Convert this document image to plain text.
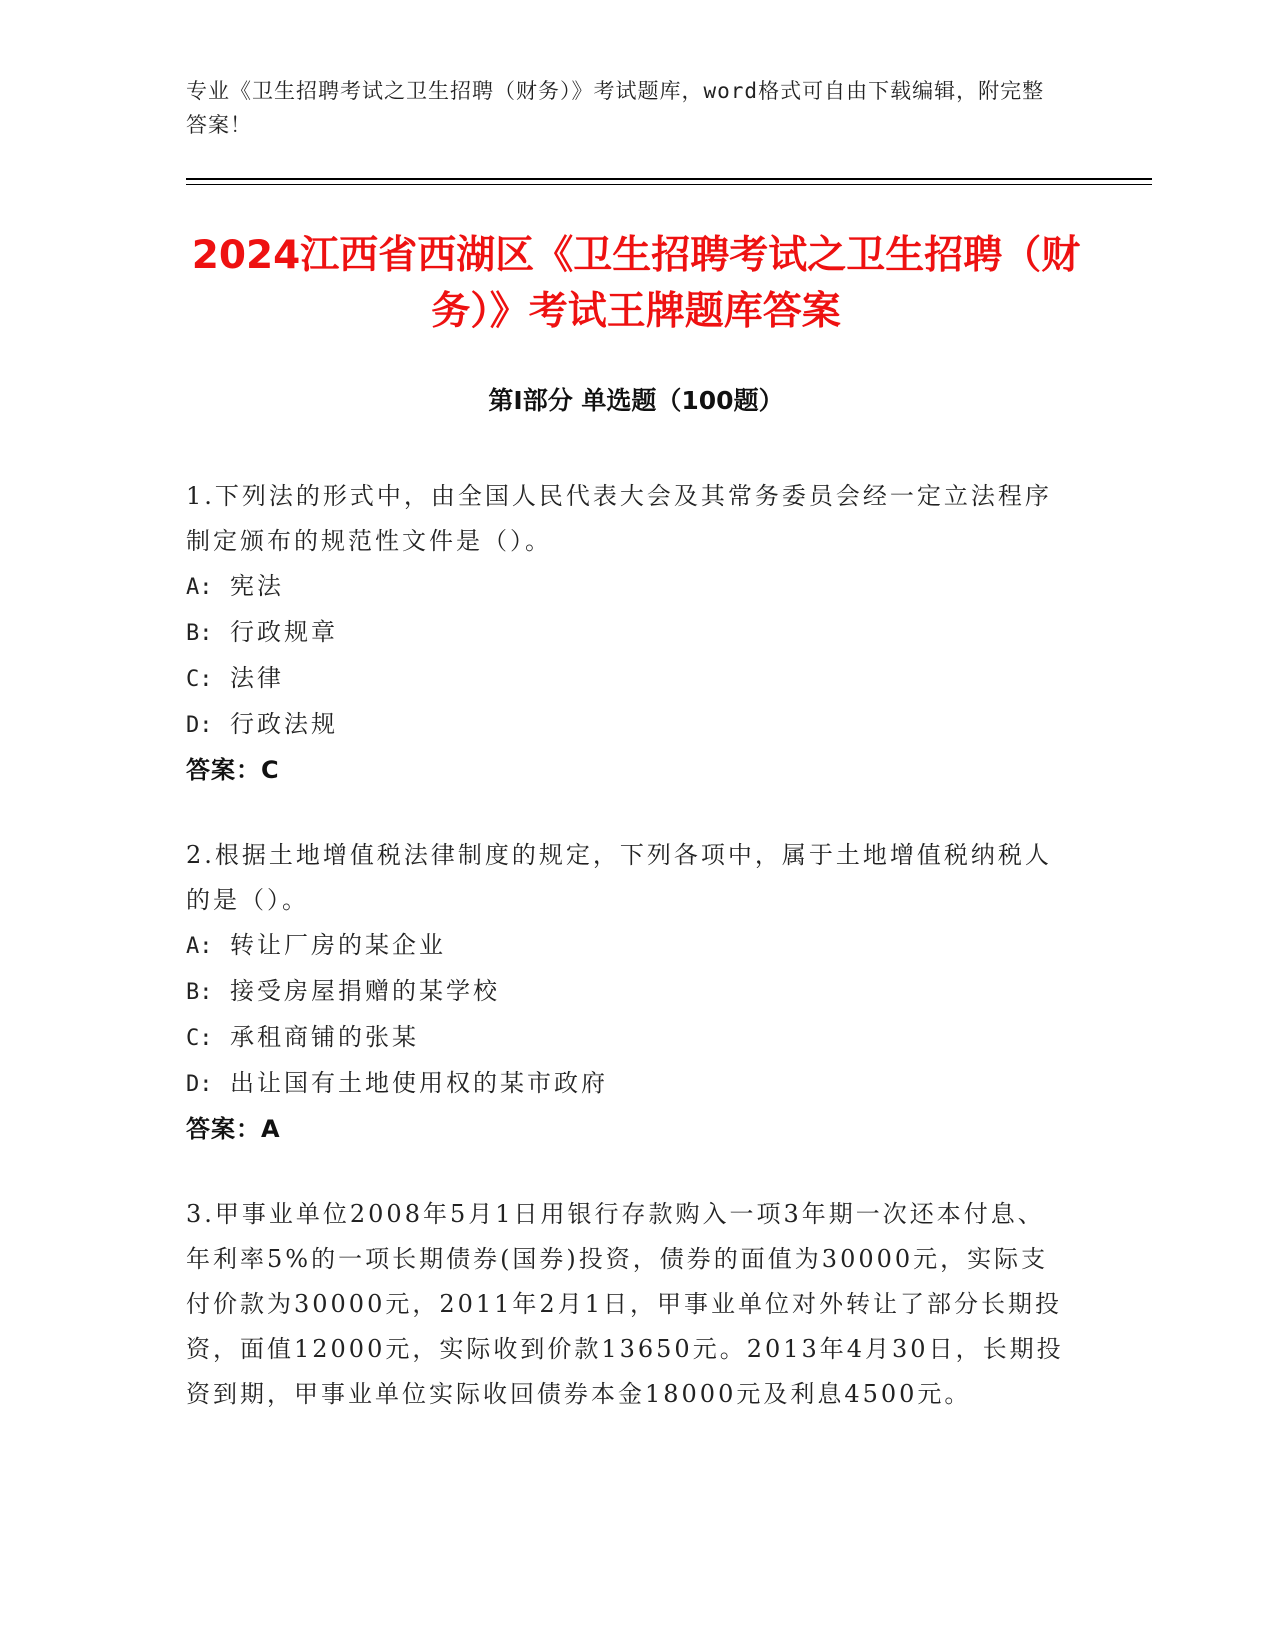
专业《卫生招聘考试之卫生招聘（财务）》考试题库，word格式可自由下载编辑，附完整答案！
2024江西省西湖区《卫生招聘考试之卫生招聘（财务）》考试王牌题库答案
第Ⅰ部分 单选题（100题）
1.下列法的形式中，由全国人民代表大会及其常务委员会经一定立法程序制定颁布的规范性文件是（）。
A: 宪法
B: 行政规章
C: 法律
D: 行政法规
答案：C
2.根据土地增值税法律制度的规定，下列各项中，属于土地增值税纳税人的是（）。
A: 转让厂房的某企业
B: 接受房屋捐赠的某学校
C: 承租商铺的张某
D: 出让国有土地使用权的某市政府
答案：A
3.甲事业单位2008年5月1日用银行存款购入一项3年期一次还本付息、年利率5%的一项长期债券(国券)投资，债券的面值为30000元，实际支付价款为30000元，2011年2月1日，甲事业单位对外转让了部分长期投资，面值12000元，实际收到价款13650元。2013年4月30日，长期投资到期，甲事业单位实际收回债券本金18000元及利息4500元。
